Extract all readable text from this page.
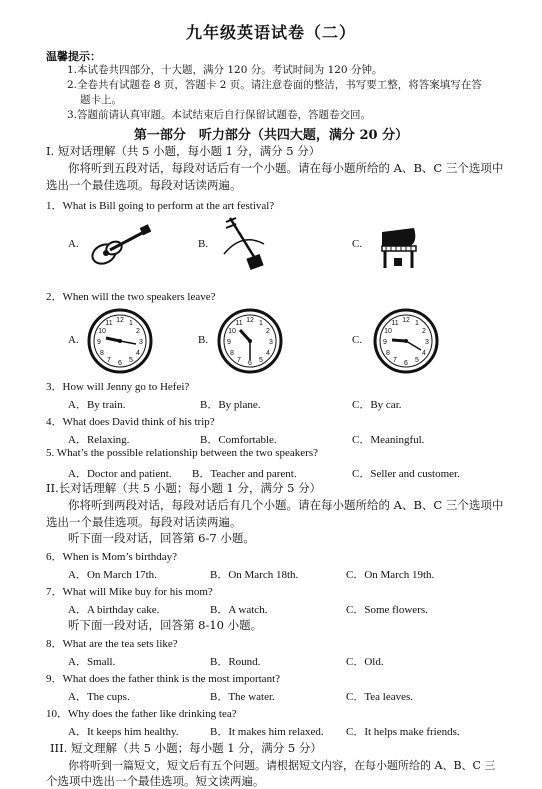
九年级英语试卷（二）
温馨提示：
1.本试卷共四部分，十大题，满分 120 分。考试时间为 120 分钟。
2.全卷共有试题卷 8 页，答题卡 2 页。请注意卷面的整洁，书写要工整，将答案填写在答
题卡上。
3.答题前请认真审题。本试结束后自行保留试题卷，答题卷交回。
第一部分　听力部分（共四大题，满分 20 分）
I. 短对话理解（共 5 小题，每小题 1 分，满分 5 分）
你将听到五段对话，每段对话后有一个小题。请在每小题所给的 A、B、C 三个选项中
选出一个最佳选项。每段对话读两遍。
1．What is Bill going to perform at the art festival?
A.	B.	C.
2．When will the two speakers leave?
A.	B.	C.
12
3
6
9
1
2
4
5
7
8
10
11	12
3
6
9
1
2
4
5
7
8
10
11	12
3
6
9
1
2
4
5
7
8
10
11
3．How will Jenny go to Hefei?
A．By train.	B．By plane.	C．By car.
4．What does David think of his trip?
A．Relaxing.	B．Comfortable.	C．Meaningful.
5. What’s the possible relationship between the two speakers?
A．Doctor and patient. B．Teacher and parent.	C．Seller and customer.
II.长对话理解（共 5 小题；每小题 1 分，满分 5 分）
你将听到两段对话，每段对话后有几个小题。请在每小题所给的 A、B、C 三个选项中
选出一个最佳选项。每段对话读两遍。
听下面一段对话，回答第 6-7 小题。
6．When is Mom’s birthday?
A．On March 17th.	B．On March 18th.	C．On March 19th.
7．What will Mike buy for his mom?
A．A birthday cake.	B．A watch.	C．Some flowers.
听下面一段对话，回答第 8-10 小题。
8．What are the tea sets like?
A．Small.	B．Round.	C．Old.
9．What does the father think is the most important?
A．The cups.	B．The water.	C．Tea leaves.
10．Why does the father like drinking tea?
A．It keeps him healthy.	B．It makes him relaxed. C．It helps make friends.
III. 短文理解（共 5 小题；每小题 1 分，满分 5 分）
你将听到一篇短文，短文后有五个问题。请根据短文内容，在每小题所给的 A、B、C 三
个选项中选出一个最佳选项。短文读两遍。
